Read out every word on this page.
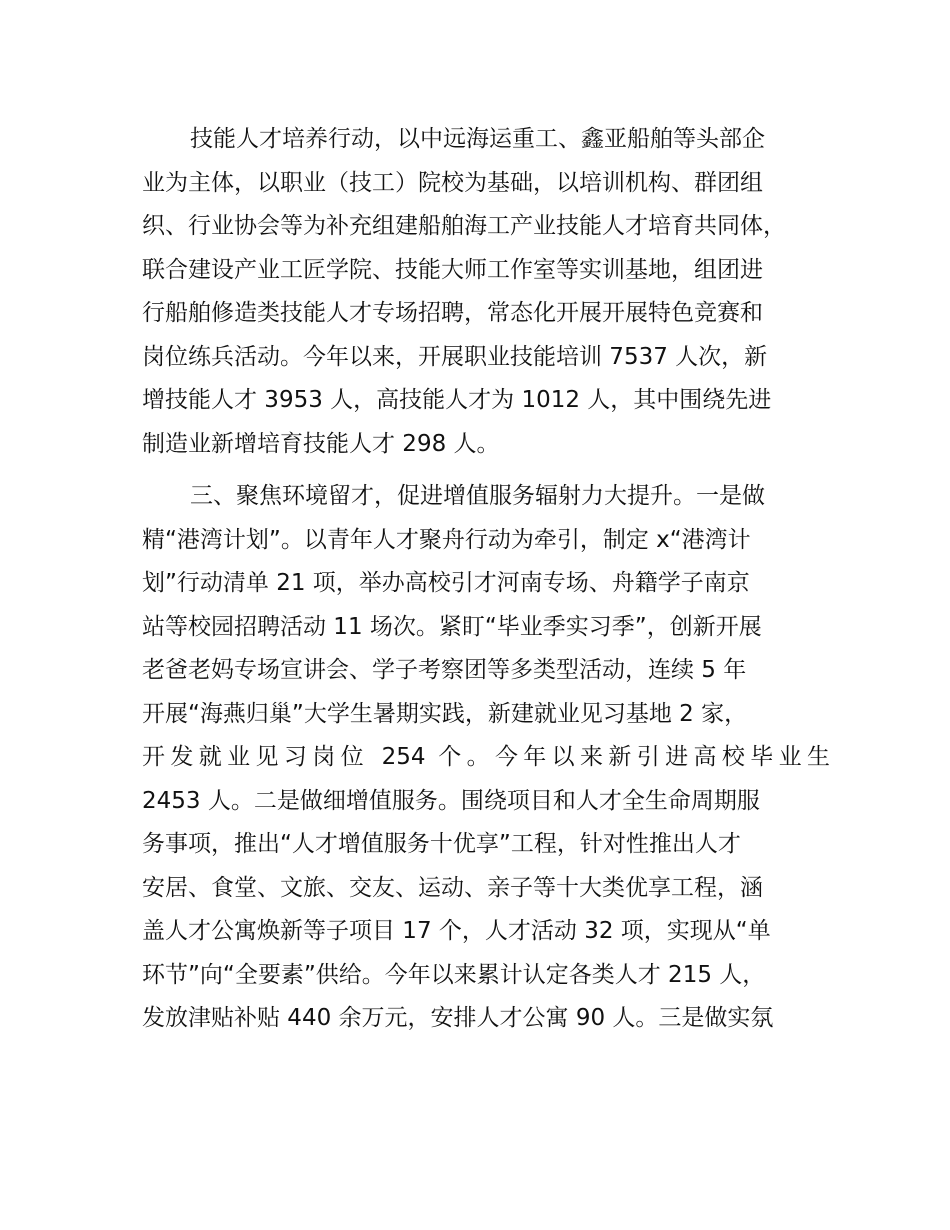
技能人才培养行动，以中远海运重工、鑫亚船舶等头部企
业为主体，以职业（技工）院校为基础，以培训机构、群团组
织、行业协会等为补充组建船舶海工产业技能人才培育共同体，
联合建设产业工匠学院、技能大师工作室等实训基地，组团进
行船舶修造类技能人才专场招聘，常态化开展开展特色竞赛和
岗位练兵活动。今年以来，开展职业技能培训 7537 人次，新
增技能人才 3953 人，高技能人才为 1012 人，其中围绕先进
制造业新增培育技能人才 298 人。

三、聚焦环境留才，促进增值服务辐射力大提升。一是做
精“港湾计划”。以青年人才聚舟行动为牵引，制定 x“港湾计
划”行动清单 21 项，举办高校引才河南专场、舟籍学子南京
站等校园招聘活动 11 场次。紧盯“毕业季实习季”，创新开展
老爸老妈专场宣讲会、学子考察团等多类型活动，连续 5 年
开展“海燕归巢”大学生暑期实践，新建就业见习基地 2 家，
开发就业见习岗位 254 个。今年以来新引进高校毕业生
2453 人。二是做细增值服务。围绕项目和人才全生命周期服
务事项，推出“人才增值服务十优享”工程，针对性推出人才
安居、食堂、文旅、交友、运动、亲子等十大类优享工程，涵
盖人才公寓焕新等子项目 17 个，人才活动 32 项，实现从“单
环节”向“全要素”供给。今年以来累计认定各类人才 215 人，
发放津贴补贴 440 余万元，安排人才公寓 90 人。三是做实氛
